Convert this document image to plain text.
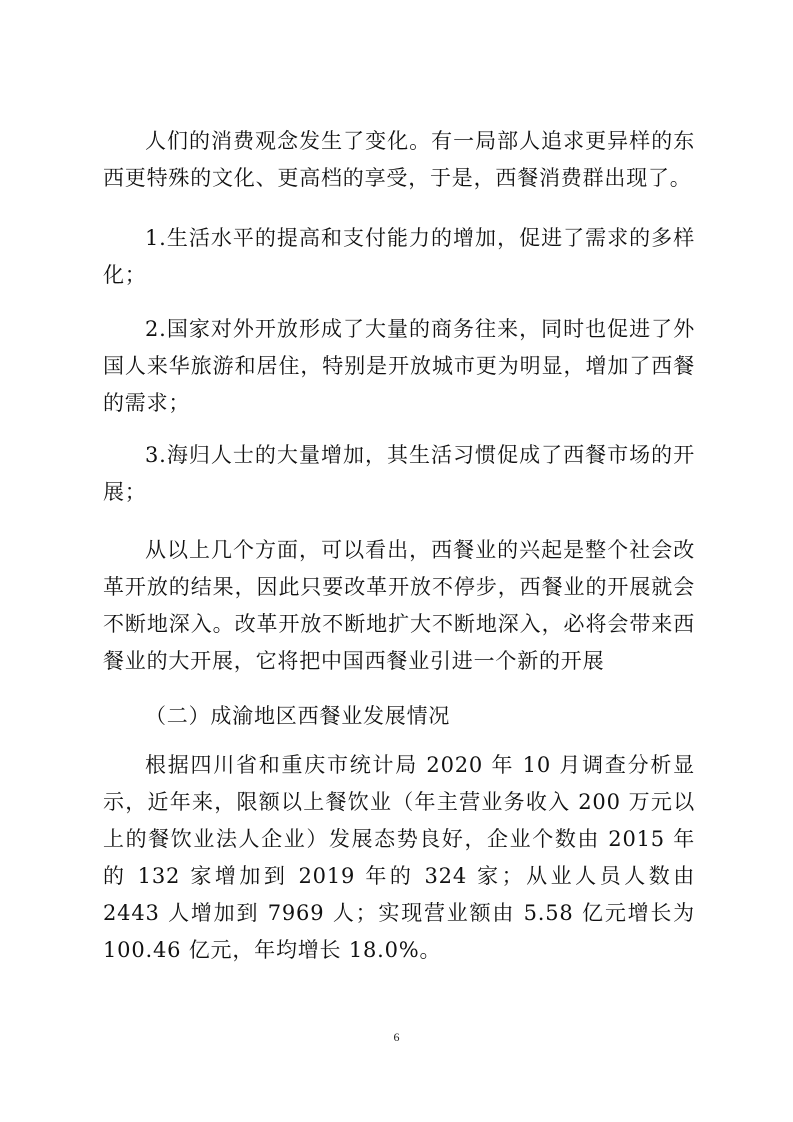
人们的消费观念发生了变化。有一局部人追求更异样的东西更特殊的文化、更高档的享受，于是，西餐消费群出现了。

1.生活水平的提高和支付能力的增加，促进了需求的多样化；

2.国家对外开放形成了大量的商务往来，同时也促进了外国人来华旅游和居住，特别是开放城市更为明显，增加了西餐的需求；

3.海归人士的大量增加，其生活习惯促成了西餐市场的开展；

从以上几个方面，可以看出，西餐业的兴起是整个社会改革开放的结果，因此只要改革开放不停步，西餐业的开展就会不断地深入。改革开放不断地扩大不断地深入，必将会带来西餐业的大开展，它将把中国西餐业引进一个新的开展

（二）成渝地区西餐业发展情况

根据四川省和重庆市统计局 2020 年 10 月调查分析显示，近年来，限额以上餐饮业（年主营业务收入 200 万元以上的餐饮业法人企业）发展态势良好，企业个数由 2015 年的 132 家增加到 2019 年的 324 家；从业人员人数由 2443 人增加到 7969 人；实现营业额由 5.58 亿元增长为 100.46 亿元，年均增长 18.0%。

6
